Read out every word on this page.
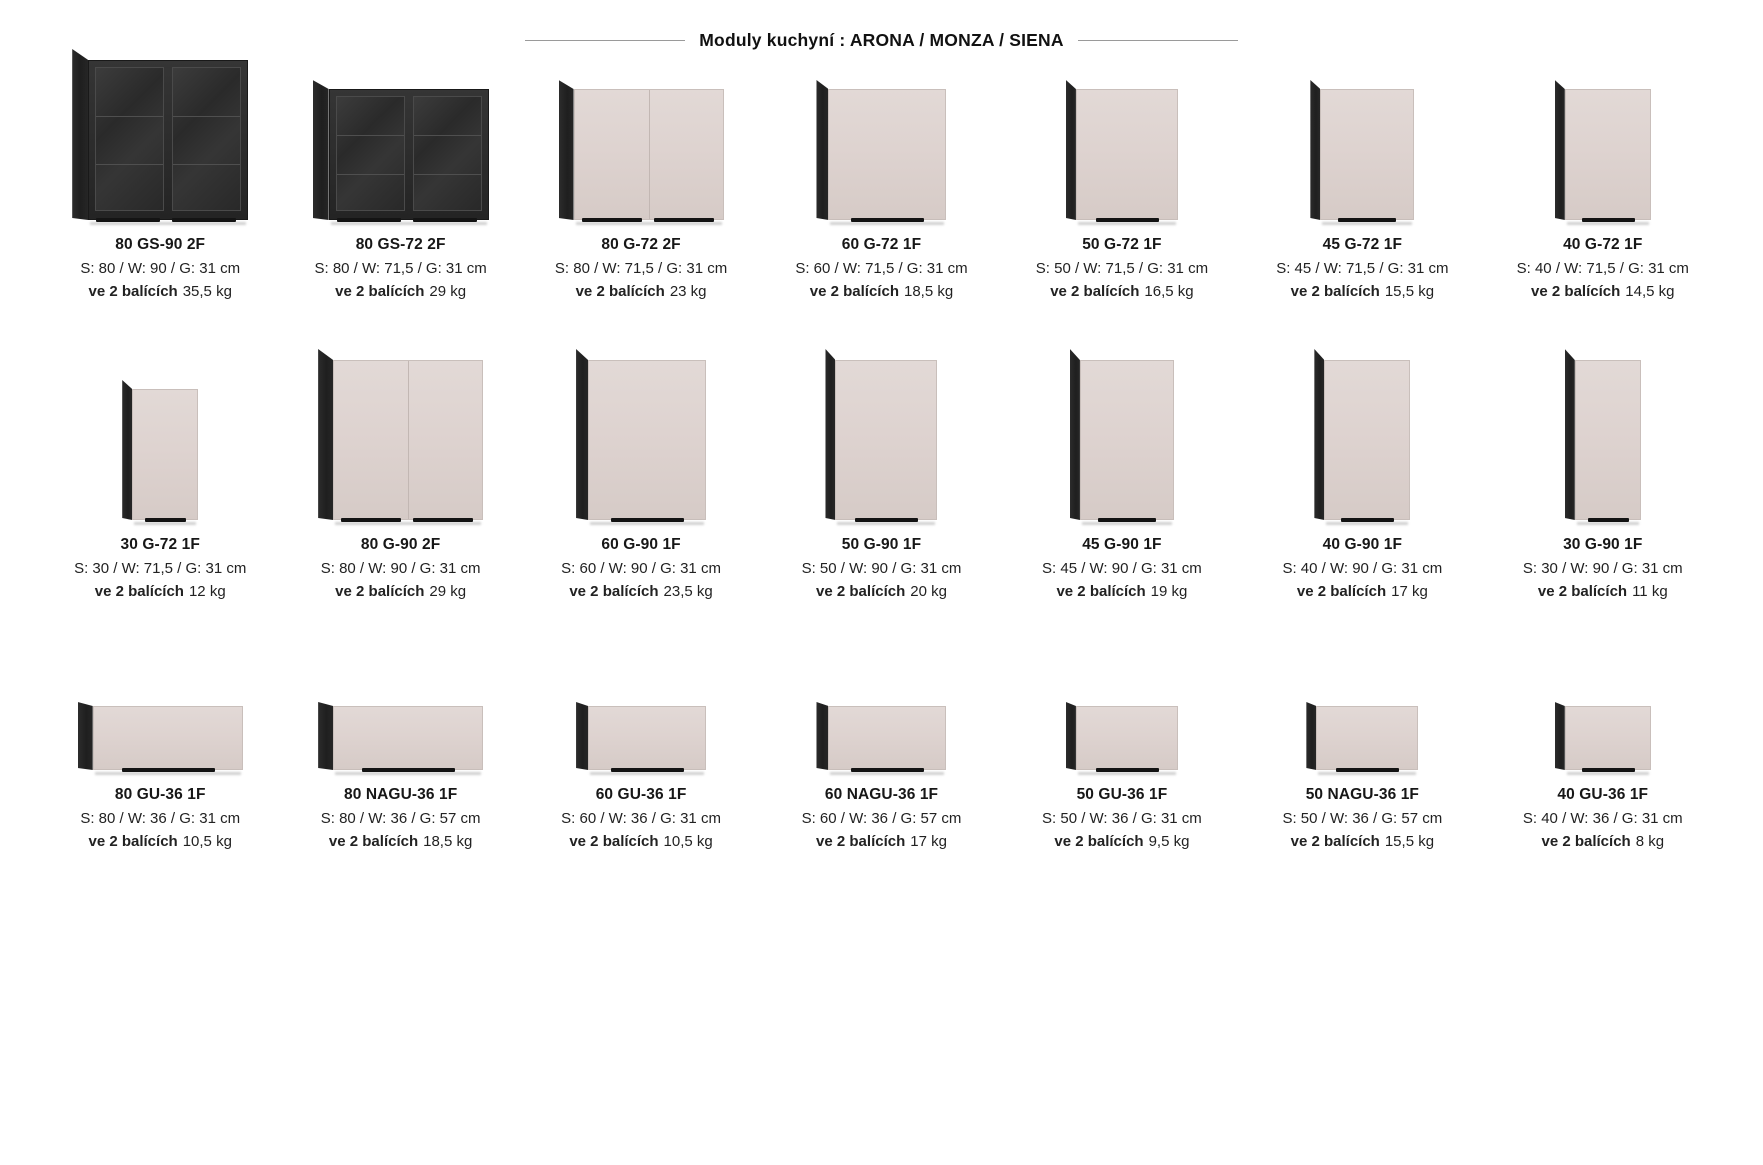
Moduly kuchyní : ARONA / MONZA / SIENA
80 GS-90 2F
S: 80 / W: 90 / G: 31 cm
ve 2 balících 35,5 kg
80 GS-72 2F
S: 80 / W: 71,5 / G: 31 cm
ve 2 balících 29 kg
80 G-72 2F
S: 80 / W: 71,5 / G: 31 cm
ve 2 balících 23 kg
60 G-72 1F
S: 60 / W: 71,5 / G: 31 cm
ve 2 balících 18,5 kg
50 G-72 1F
S: 50 / W: 71,5 / G: 31 cm
ve 2 balících 16,5 kg
45 G-72 1F
S: 45 / W: 71,5 / G: 31 cm
ve 2 balících 15,5 kg
40 G-72 1F
S: 40 / W: 71,5 / G: 31 cm
ve 2 balících 14,5 kg
30 G-72 1F
S: 30 / W: 71,5 / G: 31 cm
ve 2 balících 12 kg
80 G-90 2F
S: 80 / W: 90 / G: 31 cm
ve 2 balících 29 kg
60 G-90 1F
S: 60 / W: 90 / G: 31 cm
ve 2 balících 23,5 kg
50 G-90 1F
S: 50 / W: 90 / G: 31 cm
ve 2 balících 20 kg
45 G-90 1F
S: 45 / W: 90 / G: 31 cm
ve 2 balících 19 kg
40 G-90 1F
S: 40 / W: 90 / G: 31 cm
ve 2 balících 17 kg
30 G-90 1F
S: 30 / W: 90 / G: 31 cm
ve 2 balících 11 kg
80 GU-36 1F
S: 80 / W: 36 / G: 31 cm
ve 2 balících 10,5 kg
80 NAGU-36 1F
S: 80 / W: 36 / G: 57 cm
ve 2 balících 18,5 kg
60 GU-36 1F
S: 60 / W: 36 / G: 31 cm
ve 2 balících 10,5 kg
60 NAGU-36 1F
S: 60 / W: 36 / G: 57 cm
ve 2 balících 17 kg
50 GU-36 1F
S: 50 / W: 36 / G: 31 cm
ve 2 balících 9,5 kg
50 NAGU-36 1F
S: 50 / W: 36 / G: 57 cm
ve 2 balících 15,5 kg
40 GU-36 1F
S: 40 / W: 36 / G: 31 cm
ve 2 balících 8 kg
